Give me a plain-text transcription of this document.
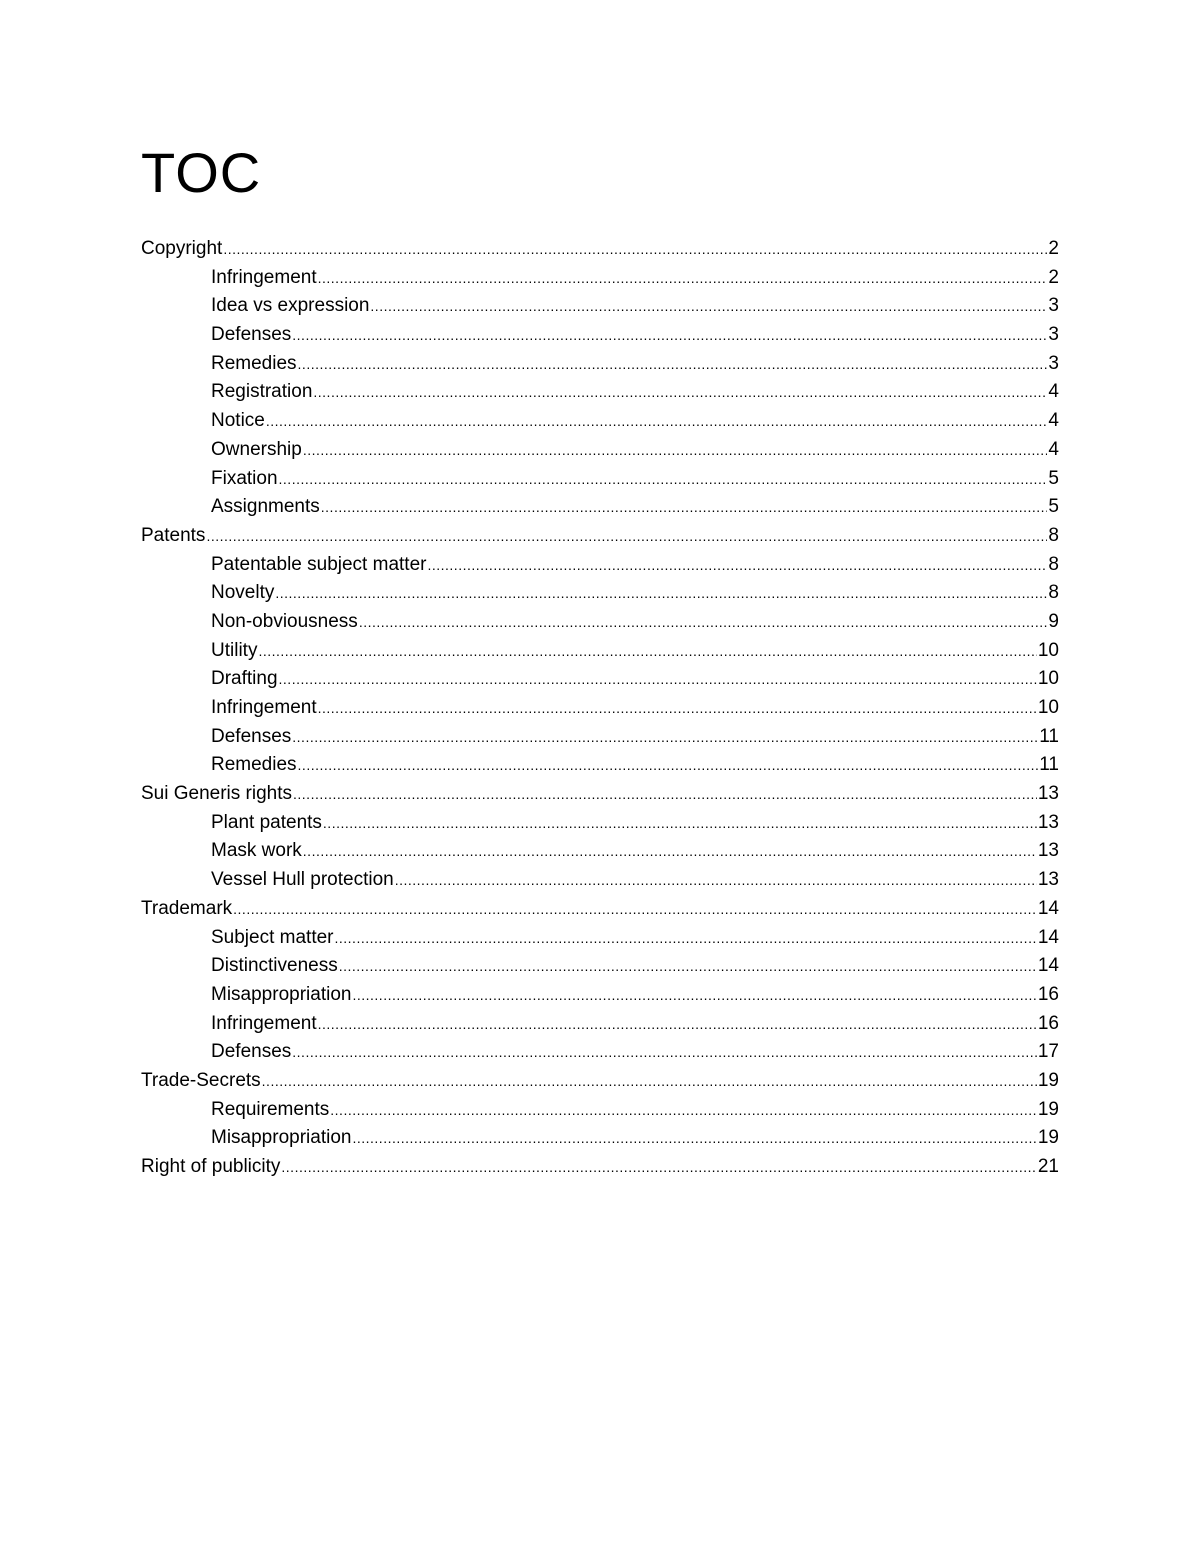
TOC
Copyright .....	2
Infringement .....	2
Idea vs expression .....	3
Defenses .....	3
Remedies .....	3
Registration .....	4
Notice .....	4
Ownership .....	4
Fixation .....	5
Assignments .....	5
Patents .....	8
Patentable subject matter .....	8
Novelty .....	8
Non-obviousness .....	9
Utility .....	10
Drafting .....	10
Infringement .....	10
Defenses .....	11
Remedies .....	11
Sui Generis rights .....	13
Plant patents .....	13
Mask work .....	13
Vessel Hull protection .....	13
Trademark .....	14
Subject matter .....	14
Distinctiveness .....	14
Misappropriation .....	16
Infringement .....	16
Defenses .....	17
Trade-Secrets .....	19
Requirements .....	19
Misappropriation .....	19
Right of publicity .....	21
